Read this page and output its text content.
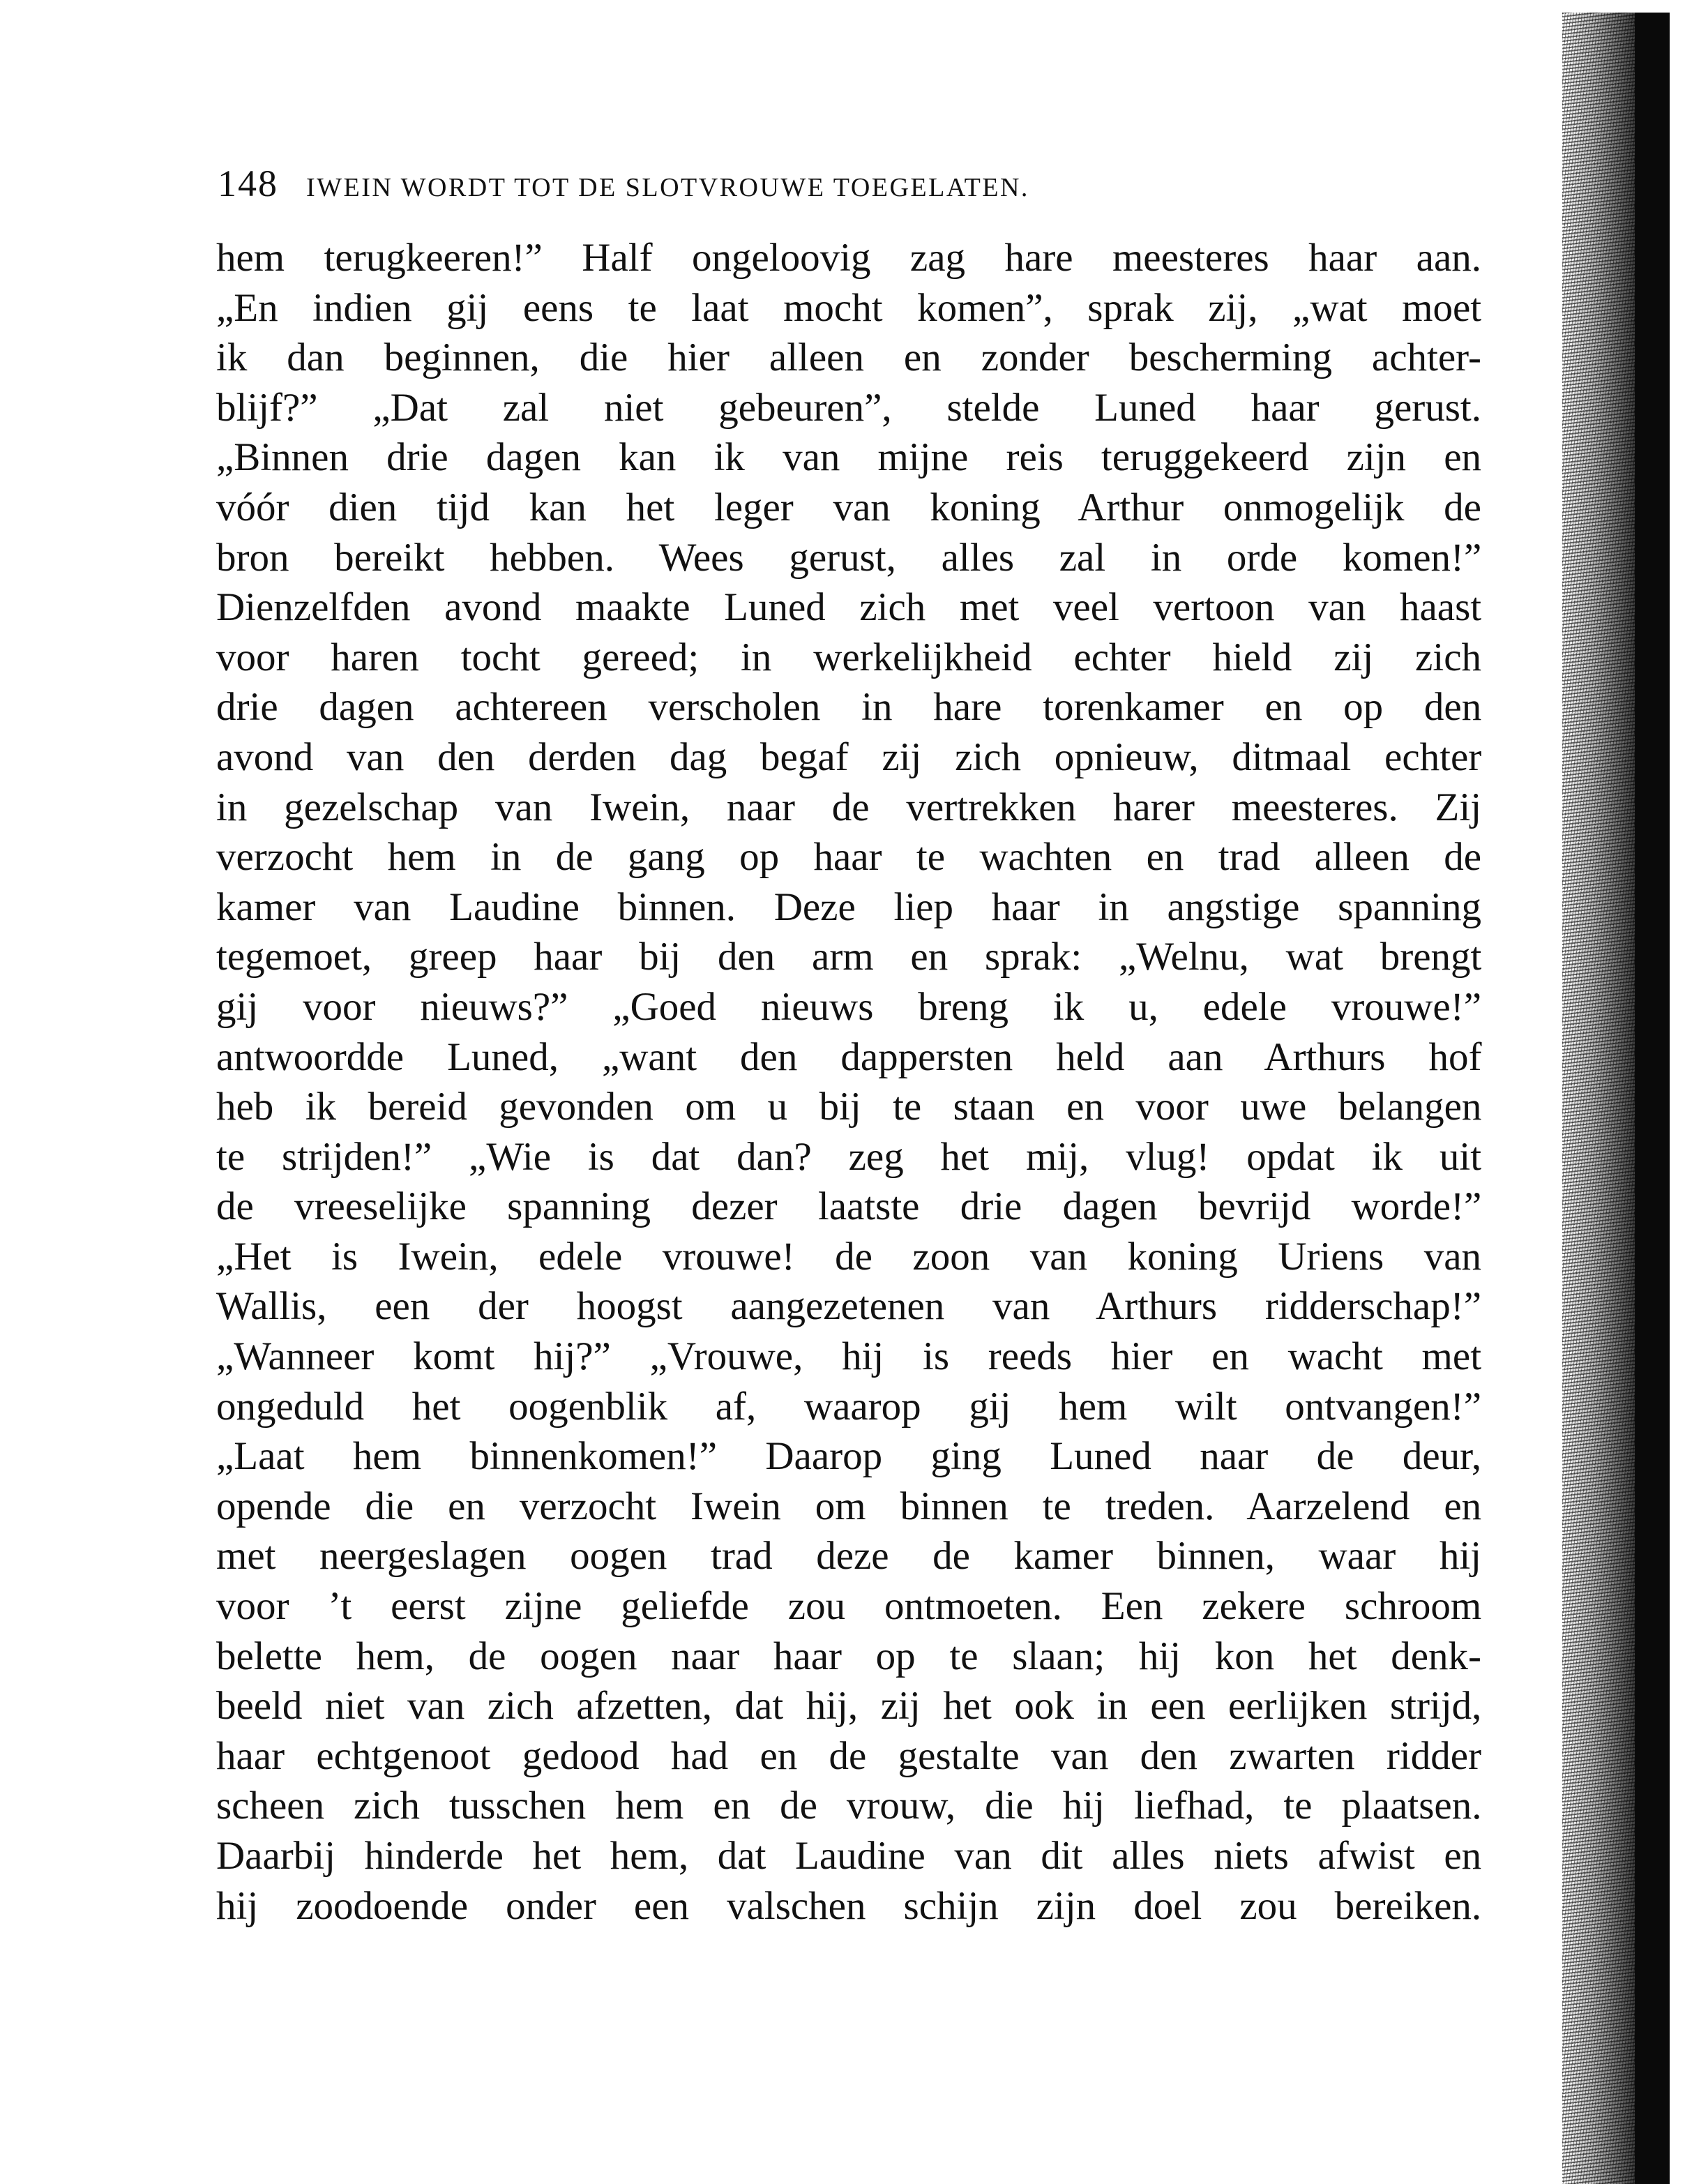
148 IWEIN WORDT TOT DE SLOTVROUWE TOEGELATEN.
hem terugkeeren!” Half ongeloovig zag hare meesteres haar aan.
„En indien gij eens te laat mocht komen”, sprak zij, „wat moet
ik dan beginnen, die hier alleen en zonder bescherming achter-
blijf?” „Dat zal niet gebeuren”, stelde Luned haar gerust.
„Binnen drie dagen kan ik van mijne reis teruggekeerd zijn en
vóór dien tijd kan het leger van koning Arthur onmogelijk de
bron bereikt hebben. Wees gerust, alles zal in orde komen!”
Dienzelfden avond maakte Luned zich met veel vertoon van haast
voor haren tocht gereed; in werkelijkheid echter hield zij zich
drie dagen achtereen verscholen in hare torenkamer en op den
avond van den derden dag begaf zij zich opnieuw, ditmaal echter
in gezelschap van Iwein, naar de vertrekken harer meesteres. Zij
verzocht hem in de gang op haar te wachten en trad alleen de
kamer van Laudine binnen. Deze liep haar in angstige spanning
tegemoet, greep haar bij den arm en sprak: „Welnu, wat brengt
gij voor nieuws?” „Goed nieuws breng ik u, edele vrouwe!”
antwoordde Luned, „want den dappersten held aan Arthurs hof
heb ik bereid gevonden om u bij te staan en voor uwe belangen
te strijden!” „Wie is dat dan? zeg het mij, vlug! opdat ik uit
de vreeselijke spanning dezer laatste drie dagen bevrijd worde!”
„Het is Iwein, edele vrouwe! de zoon van koning Uriens van
Wallis, een der hoogst aangezetenen van Arthurs ridderschap!”
„Wanneer komt hij?” „Vrouwe, hij is reeds hier en wacht met
ongeduld het oogenblik af, waarop gij hem wilt ontvangen!”
„Laat hem binnenkomen!” Daarop ging Luned naar de deur,
opende die en verzocht Iwein om binnen te treden. Aarzelend en
met neergeslagen oogen trad deze de kamer binnen, waar hij
voor ’t eerst zijne geliefde zou ontmoeten. Een zekere schroom
belette hem, de oogen naar haar op te slaan; hij kon het denk-
beeld niet van zich afzetten, dat hij, zij het ook in een eerlijken strijd,
haar echtgenoot gedood had en de gestalte van den zwarten ridder
scheen zich tusschen hem en de vrouw, die hij liefhad, te plaatsen.
Daarbij hinderde het hem, dat Laudine van dit alles niets afwist en
hij zoodoende onder een valschen schijn zijn doel zou bereiken.
